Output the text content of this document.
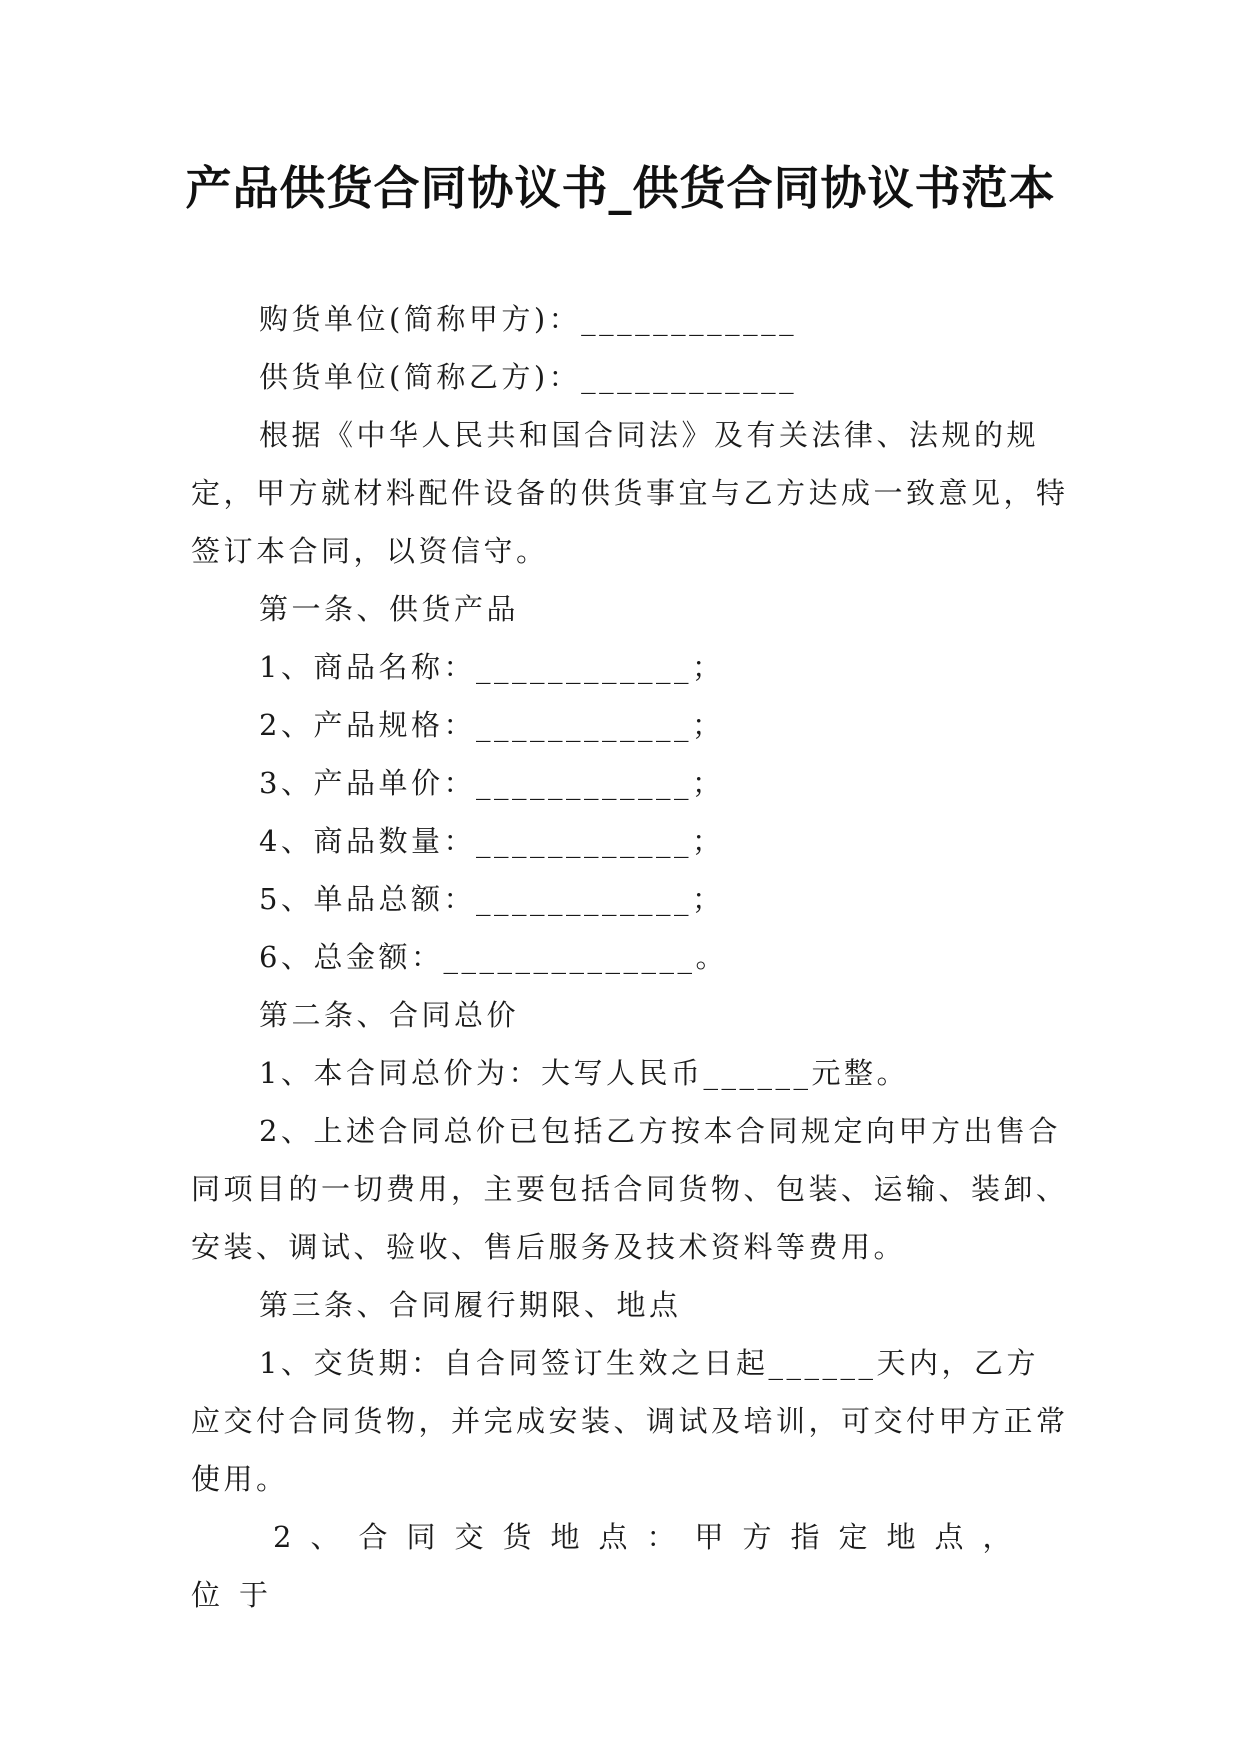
产品供货合同协议书_供货合同协议书范本

购货单位(简称甲方)：____________

供货单位(简称乙方)：____________

根据《中华人民共和国合同法》及有关法律、法规的规定，甲方就材料配件设备的供货事宜与乙方达成一致意见，特签订本合同，以资信守。

第一条、供货产品

1、商品名称：____________；

2、产品规格：____________；

3、产品单价：____________；

4、商品数量：____________；

5、单品总额：____________；

6、总金额：______________。

第二条、合同总价

1、本合同总价为：大写人民币______元整。

2、上述合同总价已包括乙方按本合同规定向甲方出售合同项目的一切费用，主要包括合同货物、包装、运输、装卸、安装、调试、验收、售后服务及技术资料等费用。

第三条、合同履行期限、地点

1、交货期：自合同签订生效之日起______天内，乙方应交付合同货物，并完成安装、调试及培训，可交付甲方正常使用。

2、合同交货地点：甲方指定地点，位于
